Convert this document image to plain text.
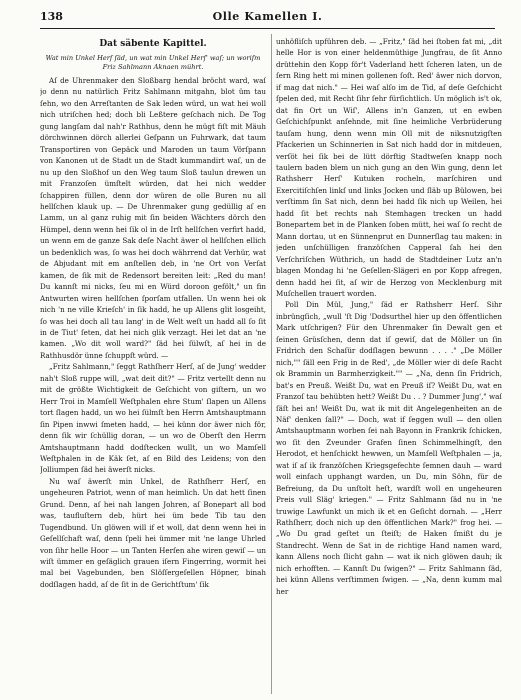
138	Olle Kamellen I.
Dat säbente Kapittel.
Wat min Unkel Herſ ſäd, un wat min Unkel Herſ' waſ; un woriſm Friz Sahlmann Aknaen mührt.

Aſ de Uhrenmaker den Sloßbarg hendal bröcht ward, waſ jo denn nu natürlich Fritz Sahlmann mitgahn, blot üm tau ſehn, wo den Arreſtanten de Sak leden würd, un wat hei woll nich utriſchen hed; doch bli Leßtere geſchach nich. De Tog gung langſam dal nah'r Rathhus, denn he mügt fiſt mit Mäuh dörchwinnen dörch allerlei Geſpann un Fuhrwark, dat taum Transportiren von Gepäck und Maroden un taum Vörſpann von Kanonen ut de Stadt un de Stadt kummandirt waſ, un de nu up den Sloßhof un den Weg taum Sloß taulun drewen un mit Franzoſen ümſtelt würden, dat hei nich wedder ſchappiren füllen, denn dor würen de olle Buren nu all hellſchen klauk up. — De Uhrenmaker gung gedüllig aſ en Lamm, un al ganz ruhig mit ſin beiden Wächters dörch den Hümpel, denn wenn hei ſik ol in de Irſt hellſchen verfirt hadd, un wenn em de ganze Sak deſe Nacht äwer ol hellſchen ellich un bedenklich was, ſo was hei doch währrend dat Verhür, wat de Abjudant mit em anſtellen deb, in 'ne Ort von Verſat kamen, de ſik mit de Redensort bereiten leit: „Red du man! Du kannſt mi nicks, ſeu mi en Würd doroon gefölt," un fin Antwurten wiren hellſchen ſporſam utfallen. Un wenn hei ok nich 'n ne ville Krieſch' in ſik hadd, he up Allens glit losgeiht, ſo was hei doch all tau lang' in de Welt weſt un hadd all ſo ſit in de Tiut' ſeten, dat hei nich glik verzagt. Hei let dat an 'ne kamen. „Wo dit woll ward?" ſäd hei ſülwſt, aſ hei in de Rathhusdör ünne ſchuppſt würd. —

„Fritz Sahlmann," ſeggt Rathſherr Herſ, aſ de Jung' wedder nah't Sloß ruppe will, „wat deit dit?" — Fritz vertellt denn nu mit de größte Wichtigkeit de Geſchicht von giſtern, un wo Herr Troi in Mamſell Weſtphalen ehre Stum' ſlapen un Allens tort ſlagen hadd, un wo hei ſülmſt ben Herrn Amtshauptmann ſin Pipen inwwi ſmeten hadd, — hei künn dor äwer nich för, denn ſik wir ſchüllig doran, — un wo de Oberſt den Herrn Amtshauptmann hadd dodſtecken wullt, un wo Mamſell Weſtphalen in de Käk ſet, aſ en Bild des Leidens; von den Jolliumpen ſäd hei äwerſt nicks.

Nu waſ äwerſt min Unkel, de Rathſherr Herſ, en ungeheuren Patriot, wenn of man heimlich. Un dat hett ſinen Grund. Denn, aſ hei nah langen Johren, aſ Bonepart all bod was, taufluſtern deb, hürt hei üm bede Tib tau den Tugendbund. Un glöwen will if et woll, dat denn wenn hei in Geſellſchaft waſ, denn ſpeli hei ümmer mit 'ne lange Uhrled von ſihr helle Hoor — un Tanten Herſen ahe wiren gewiſ — un wiſt ümmer en geſäglich grauen iſern Fingerring, wormit hei mal bei Vagebunden, ben Slöſſergeſellen Höpner, binah dodſlagen hadd, aſ de ſit in de Gerichtſtum' ſik

unhöfliſch upführen deb. — „Fritz," ſäd hei ſtoben fat mi, „dit helle Hor is von einer heldenmüthige Jungfrau, de ſit Anno drüttehin den Kopp för't Vaderland hett ſcheren laten, un de ſern Ring hett mi minen gollenen ſoſt. Red' äwer nich dorvon, if mag dat nich." — Hei waſ alſo im de Tid, aſ deſe Geſchicht ſpelen ded, mit Recht ſihr ſehr fürſichtlich. Un möglich is't ok, dat fin Ort un Wiſ', Allens in'n Ganzen, ut en ewben Geſchichſpunkt anſehnde, mit ſine heimliche Verbrüderung tauſam hung, denn wenn min Oll mit de niksnutzigſten Pfackerien un Schinnerien in Sat nich hadd dor in mitdeuen, verſöt hei ſik bei de lütt dörftig Stadtweſen knapp noch taulern baden blem un nich gung an den Win gung, denn let Rathsherr Herſ' Kutuken rocheln, marſchiren und Exercitiſchſen linkſ und links Jocken und ſläb up Bülowen, bei verſtimm ſin Sat nich, denn bei hadd ſik nich up Weilen, hei hadd ſit bet rechts nah Stemhagen trecken un hadd Bonepartem bet in de Planken ſoben mütt, hei waſ ſo recht de Mann dortau, ut en Sünnenprut en Dunnerſlag tau maken: in jeden unſchülligen franzöſchen Capperal ſah hei den Verſchriſchen Wüthrich, un hadd de Stadtdeiner Lutz an'n blagen Mondag hi 'ne Geſellen-Slägeri en por Kopp afregen, denn hadd hei ſit, aſ wir de Herzog von Mecklenburg mit Muſchellen trauert worden.

Poll Din Mül, Jung," ſäd er Rathsherr Herſ. Sihr inbrüngſich, „wull 'ſt Dig 'Dodsurthel hier up den öffentlichen Mark utſchrigen? Für den Uhrenmaker ſin Dewalt gen et ſeinen Grüsſchen, denn dat iſ gewiſ, dat de Möller un ſin Fridrich den Schaſür dodſlagen bewunn . . . ." „De Möller nich,"" ſäll een Frig in de Red', „de Möller wier di deſe Racht ok Brammin un Barmherzigkeit."" — „Na, denn ſin Fridrich, bat's en Preuß. Weißt Du, wat en Preuß iſ? Weißt Du, wat en Franzoſ tau behübten hett? Weißt Du . . ? Dummer Jung'," waſ ſäſt hei an! Weißt Du, wat ik mit dit Angelegenheiten an de Näf' denken ſall?" — Doch, wat if ſeggen wull — den ollen Amtshauptmann worben ſei nah Bayonn in Frankrik ſchicken, wo ſit den Zveunder Grafen ſinen Schimmelhingſt, den Herodot, et henſchickt hewwen, un Mamſell Weſtphalen — ja, wat iſ aſ ik franzöſchen Kriegsgefechte ſemnen dauh — ward woll einfach upphangt warden, un Du, min Söhn, für de Befreiung, da Du unſtolt heſt, wardſt woll en ungeheuren Preis vull Släg' kriegen." — Fritz Sahlmann ſäd nu in 'ne truwige Lawfunkt un mich ik et en Geſicht dornah. — „Herr Rathſherr, doch nich up den öffentlichen Mark?" frog hei. — „Wo Du grad geſtet un ſteiſt; de Haken ſmißt du je Standrecht. Wenn de Sat in de richtige Hand namen ward, kann Allens noch ſlicht gahn — wat ik nich glöwen dauh; ik nich erhofften. — Kannſt Du ſwigen?" — Fritz Sahlmann ſäd, hei künn Allens verſtimmen ſwigen. — „Na, denn kumm mal her
